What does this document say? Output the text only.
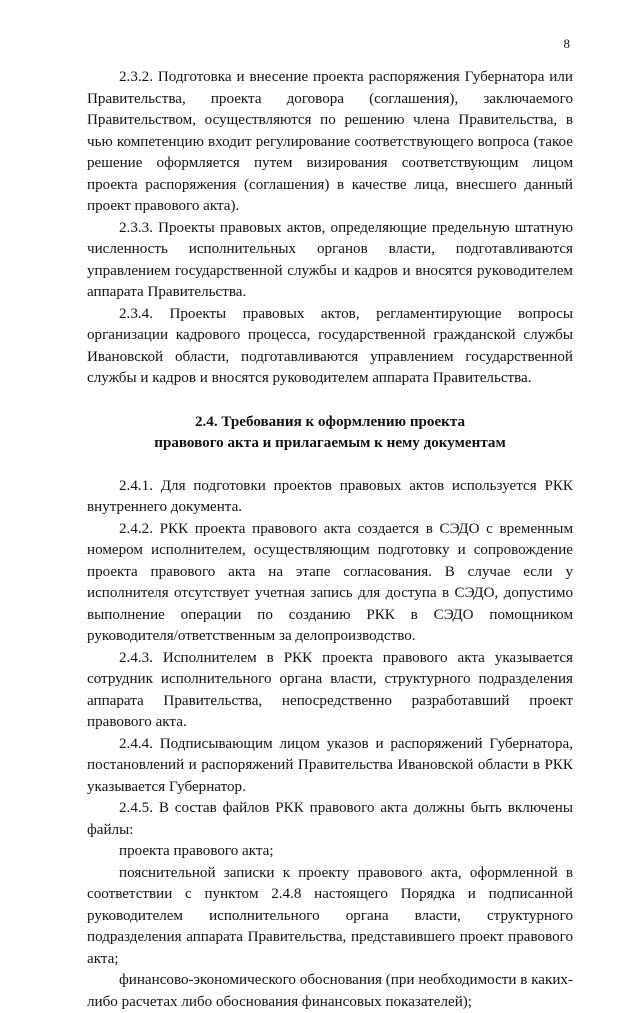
8

2.3.2. Подготовка и внесение проекта распоряжения Губернатора или Правительства, проекта договора (соглашения), заключаемого Правительством, осуществляются по решению члена Правительства, в чью компетенцию входит регулирование соответствующего вопроса (такое решение оформляется путем визирования соответствующим лицом проекта распоряжения (соглашения) в качестве лица, внесшего данный проект правового акта).

2.3.3. Проекты правовых актов, определяющие предельную штатную численность исполнительных органов власти, подготавливаются управлением государственной службы и кадров и вносятся руководителем аппарата Правительства.

2.3.4. Проекты правовых актов, регламентирующие вопросы организации кадрового процесса, государственной гражданской службы Ивановской области, подготавливаются управлением государственной службы и кадров и вносятся руководителем аппарата Правительства.

2.4. Требования к оформлению проекта
правового акта и прилагаемым к нему документам

2.4.1. Для подготовки проектов правовых актов используется РКК внутреннего документа.

2.4.2. РКК проекта правового акта создается в СЭДО с временным номером исполнителем, осуществляющим подготовку и сопровождение проекта правового акта на этапе согласования. В случае если у исполнителя отсутствует учетная запись для доступа в СЭДО, допустимо выполнение операции по созданию РКК в СЭДО помощником руководителя/ответственным за делопроизводство.

2.4.3. Исполнителем в РКК проекта правового акта указывается сотрудник исполнительного органа власти, структурного подразделения аппарата Правительства, непосредственно разработавший проект правового акта.

2.4.4. Подписывающим лицом указов и распоряжений Губернатора, постановлений и распоряжений Правительства Ивановской области в РКК указывается Губернатор.

2.4.5. В состав файлов РКК правового акта должны быть включены файлы:

проекта правового акта;

пояснительной записки к проекту правового акта, оформленной в соответствии с пунктом 2.4.8 настоящего Порядка и подписанной руководителем исполнительного органа власти, структурного подразделения аппарата Правительства, представившего проект правового акта;

финансово-экономического обоснования (при необходимости в каких-либо расчетах либо обоснования финансовых показателей);
